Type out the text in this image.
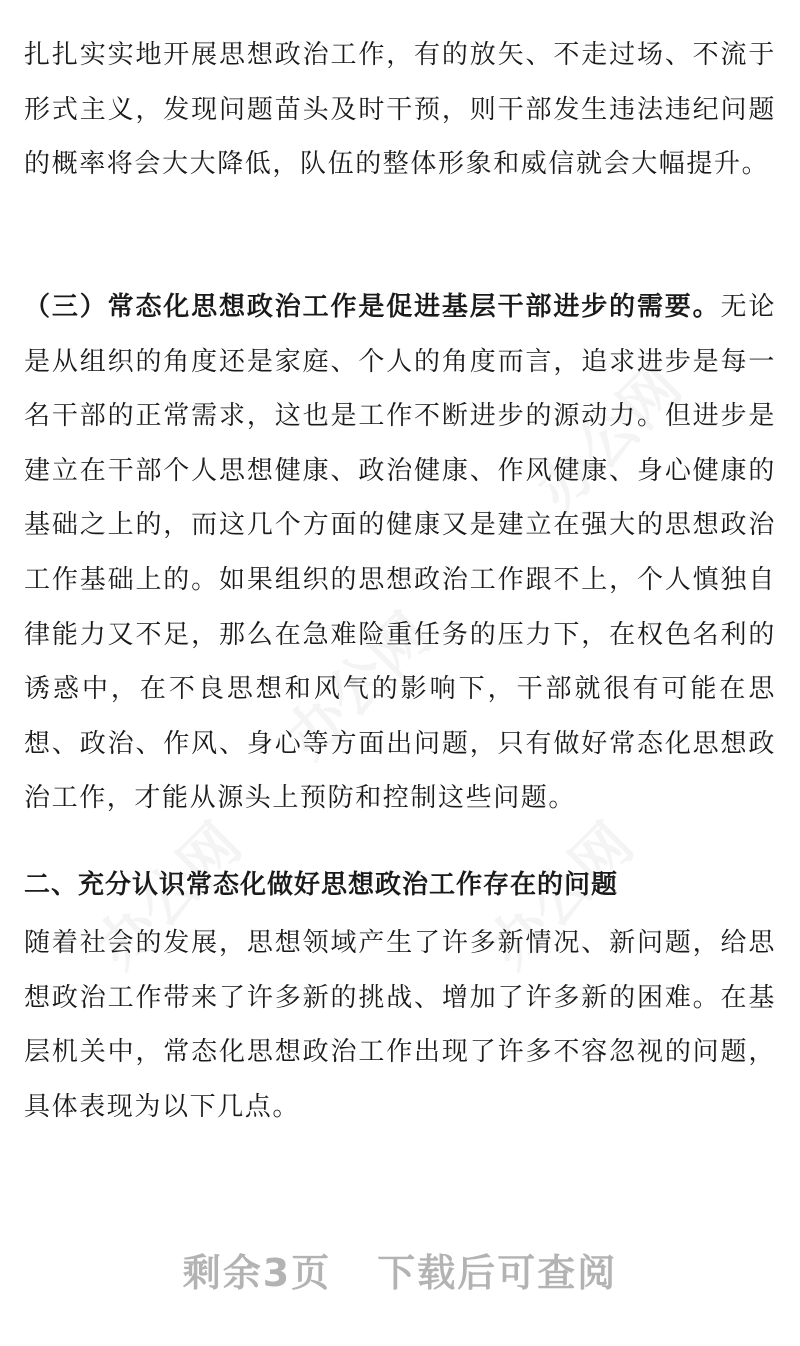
办公网
办公网
办公网	办公网

扎扎实实地开展思想政治工作，有的放矢、不走过场、不流于形式主义，发现问题苗头及时干预，则干部发生违法违纪问题的概率将会大大降低，队伍的整体形象和威信就会大幅提升。

（三）常态化思想政治工作是促进基层干部进步的需要。无论是从组织的角度还是家庭、个人的角度而言，追求进步是每一名干部的正常需求，这也是工作不断进步的源动力。但进步是建立在干部个人思想健康、政治健康、作风健康、身心健康的基础之上的，而这几个方面的健康又是建立在强大的思想政治工作基础上的。如果组织的思想政治工作跟不上，个人慎独自律能力又不足，那么在急难险重任务的压力下，在权色名利的诱惑中，在不良思想和风气的影响下，干部就很有可能在思想、政治、作风、身心等方面出问题，只有做好常态化思想政治工作，才能从源头上预防和控制这些问题。

二、充分认识常态化做好思想政治工作存在的问题

随着社会的发展，思想领域产生了许多新情况、新问题，给思想政治工作带来了许多新的挑战、增加了许多新的困难。在基层机关中，常态化思想政治工作出现了许多不容忽视的问题，具体表现为以下几点。

剩余3页 下载后可查阅
